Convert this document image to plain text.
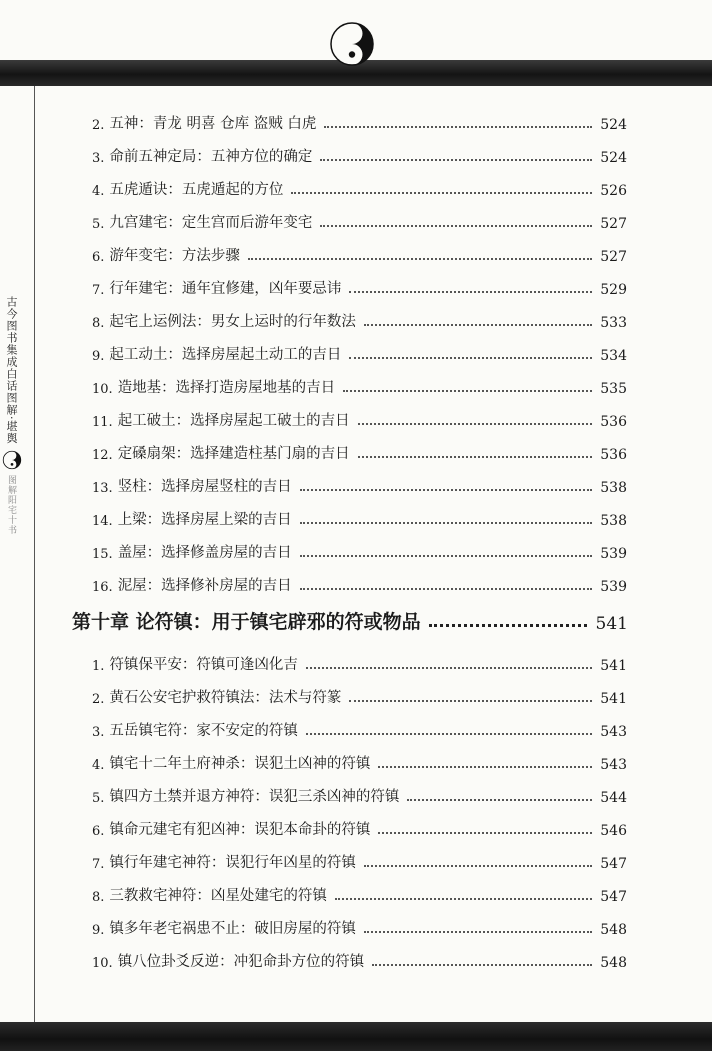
古今图书集成白话图解·堪舆
图解阳宅十书
2. 五神：青龙 明喜 仓库 盗贼 白虎	524
3. 命前五神定局：五神方位的确定	524
4. 五虎遁诀：五虎遁起的方位	526
5. 九宫建宅：定生宫而后游年变宅	527
6. 游年变宅：方法步骤	527
7. 行年建宅：通年宜修建，凶年要忌讳	529
8. 起宅上运例法：男女上运时的行年数法	533
9. 起工动土：选择房屋起土动工的吉日	534
10. 造地基：选择打造房屋地基的吉日	535
11. 起工破土：选择房屋起工破土的吉日	536
12. 定磉扇架：选择建造柱基门扇的吉日	536
13. 竖柱：选择房屋竖柱的吉日	538
14. 上梁：选择房屋上梁的吉日	538
15. 盖屋：选择修盖房屋的吉日	539
16. 泥屋：选择修补房屋的吉日	539
第十章 论符镇：用于镇宅辟邪的符或物品	541
1. 符镇保平安：符镇可逢凶化吉	541
2. 黄石公安宅护救符镇法：法术与符篆	541
3. 五岳镇宅符：家不安定的符镇	543
4. 镇宅十二年土府神杀：误犯土凶神的符镇	543
5. 镇四方土禁并退方神符：误犯三杀凶神的符镇	544
6. 镇命元建宅有犯凶神：误犯本命卦的符镇	546
7. 镇行年建宅神符：误犯行年凶星的符镇	547
8. 三教救宅神符：凶星处建宅的符镇	547
9. 镇多年老宅祸患不止：破旧房屋的符镇	548
10. 镇八位卦爻反逆：冲犯命卦方位的符镇	548
